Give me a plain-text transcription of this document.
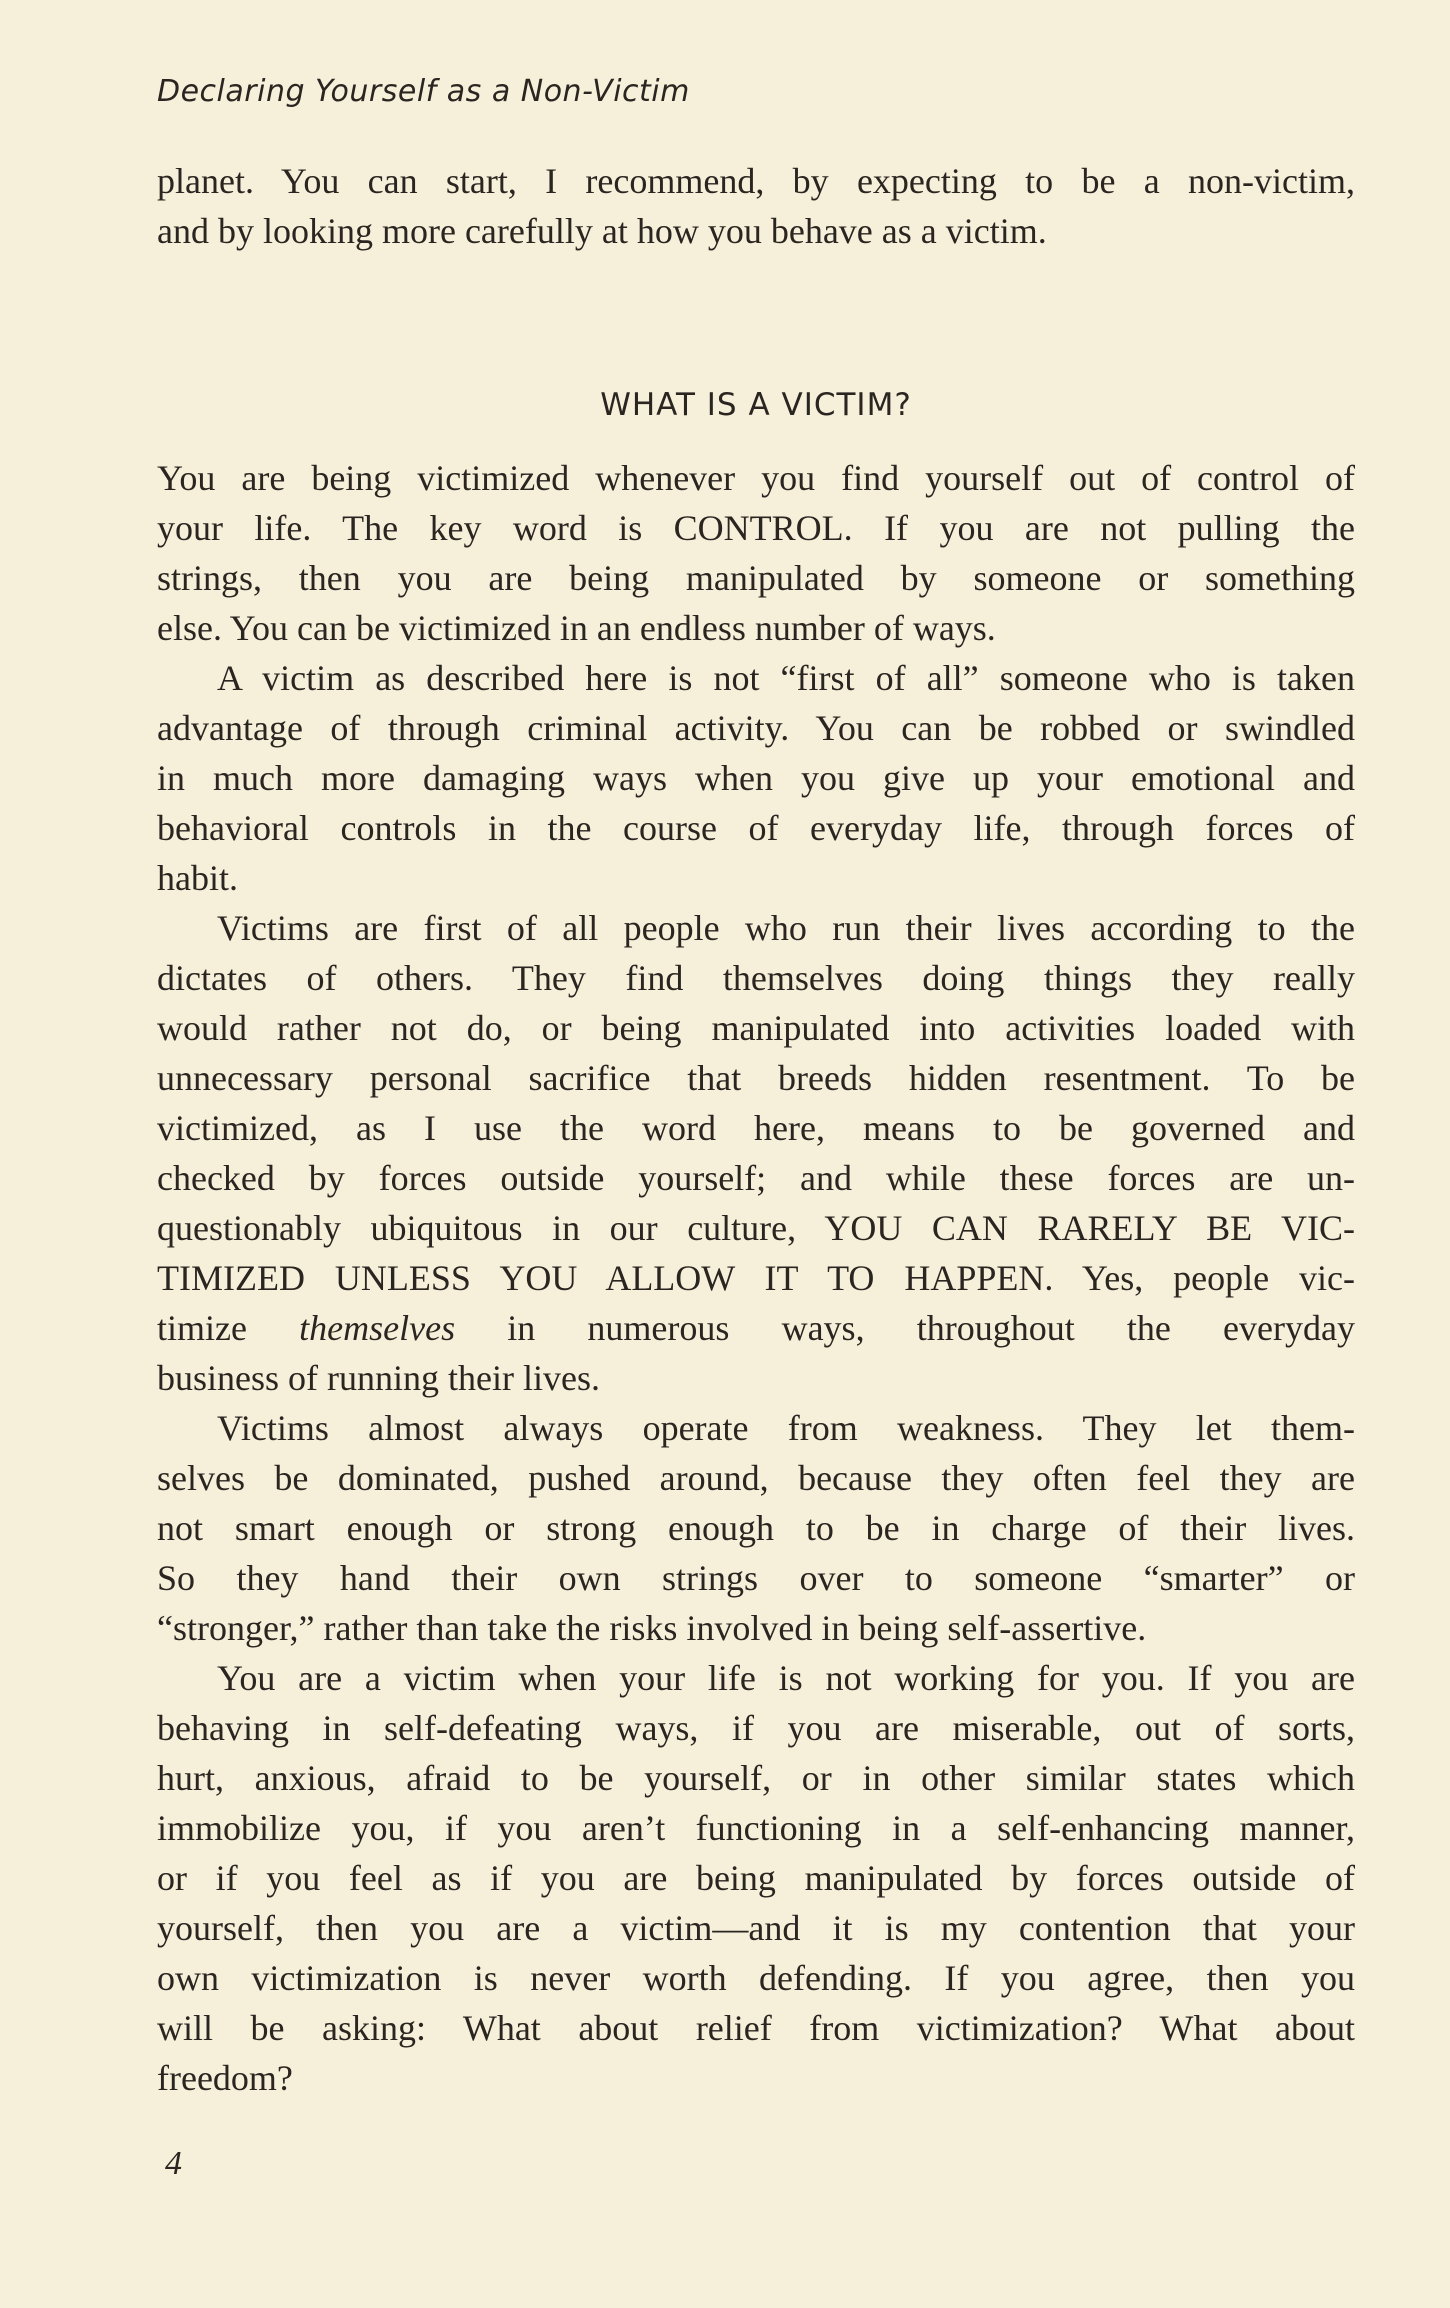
Declaring Yourself as a Non-Victim
planet. You can start, I recommend, by expecting to be a non-victim,
and by looking more carefully at how you behave as a victim.
WHAT IS A VICTIM?
You are being victimized whenever you find yourself out of control of
your life. The key word is CONTROL. If you are not pulling the
strings, then you are being manipulated by someone or something
else. You can be victimized in an endless number of ways.
A victim as described here is not “first of all” someone who is taken
advantage of through criminal activity. You can be robbed or swindled
in much more damaging ways when you give up your emotional and
behavioral controls in the course of everyday life, through forces of
habit.
Victims are first of all people who run their lives according to the
dictates of others. They find themselves doing things they really
would rather not do, or being manipulated into activities loaded with
unnecessary personal sacrifice that breeds hidden resentment. To be
victimized, as I use the word here, means to be governed and
checked by forces outside yourself; and while these forces are un-
questionably ubiquitous in our culture, YOU CAN RARELY BE VIC-
TIMIZED UNLESS YOU ALLOW IT TO HAPPEN. Yes, people vic-
timize themselves in numerous ways, throughout the everyday
business of running their lives.
Victims almost always operate from weakness. They let them-
selves be dominated, pushed around, because they often feel they are
not smart enough or strong enough to be in charge of their lives.
So they hand their own strings over to someone “smarter” or
“stronger,” rather than take the risks involved in being self-assertive.
You are a victim when your life is not working for you. If you are
behaving in self-defeating ways, if you are miserable, out of sorts,
hurt, anxious, afraid to be yourself, or in other similar states which
immobilize you, if you aren’t functioning in a self-enhancing manner,
or if you feel as if you are being manipulated by forces outside of
yourself, then you are a victim—and it is my contention that your
own victimization is never worth defending. If you agree, then you
will be asking: What about relief from victimization? What about
freedom?
4
